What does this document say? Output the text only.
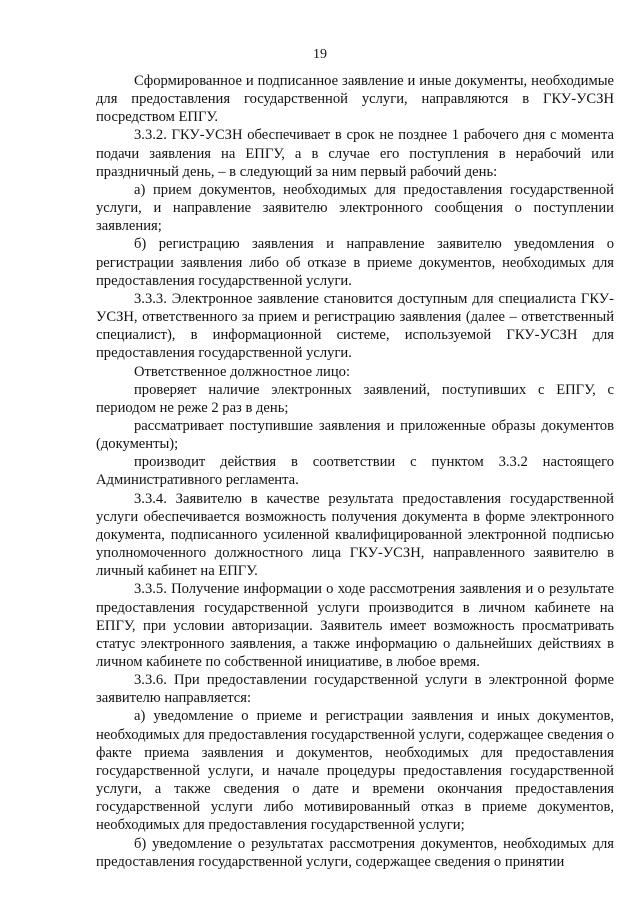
19

Сформированное и подписанное заявление и иные документы, необходимые для предоставления государственной услуги, направляются в ГКУ-УСЗН посредством ЕПГУ.

3.3.2. ГКУ-УСЗН обеспечивает в срок не позднее 1 рабочего дня с момента подачи заявления на ЕПГУ, а в случае его поступления в нерабочий или праздничный день, – в следующий за ним первый рабочий день:

а) прием документов, необходимых для предоставления государственной услуги, и направление заявителю электронного сообщения о поступлении заявления;

б) регистрацию заявления и направление заявителю уведомления о регистрации заявления либо об отказе в приеме документов, необходимых для предоставления государственной услуги.

3.3.3. Электронное заявление становится доступным для специалиста ГКУ-УСЗН, ответственного за прием и регистрацию заявления (далее – ответственный специалист), в информационной системе, используемой ГКУ-УСЗН для предоставления государственной услуги.

Ответственное должностное лицо:

проверяет наличие электронных заявлений, поступивших с ЕПГУ, с периодом не реже 2 раз в день;

рассматривает поступившие заявления и приложенные образы документов (документы);

производит действия в соответствии с пунктом 3.3.2 настоящего Административного регламента.

3.3.4. Заявителю в качестве результата предоставления государственной услуги обеспечивается возможность получения документа в форме электронного документа, подписанного усиленной квалифицированной электронной подписью уполномоченного должностного лица ГКУ-УСЗН, направленного заявителю в личный кабинет на ЕПГУ.

3.3.5. Получение информации о ходе рассмотрения заявления и о результате предоставления государственной услуги производится в личном кабинете на ЕПГУ, при условии авторизации. Заявитель имеет возможность просматривать статус электронного заявления, а также информацию о дальнейших действиях в личном кабинете по собственной инициативе, в любое время.

3.3.6. При предоставлении государственной услуги в электронной форме заявителю направляется:

а) уведомление о приеме и регистрации заявления и иных документов, необходимых для предоставления государственной услуги, содержащее сведения о факте приема заявления и документов, необходимых для предоставления государственной услуги, и начале процедуры предоставления государственной услуги, а также сведения о дате и времени окончания предоставления государственной услуги либо мотивированный отказ в приеме документов, необходимых для предоставления государственной услуги;

б) уведомление о результатах рассмотрения документов, необходимых для предоставления государственной услуги, содержащее сведения о принятии
